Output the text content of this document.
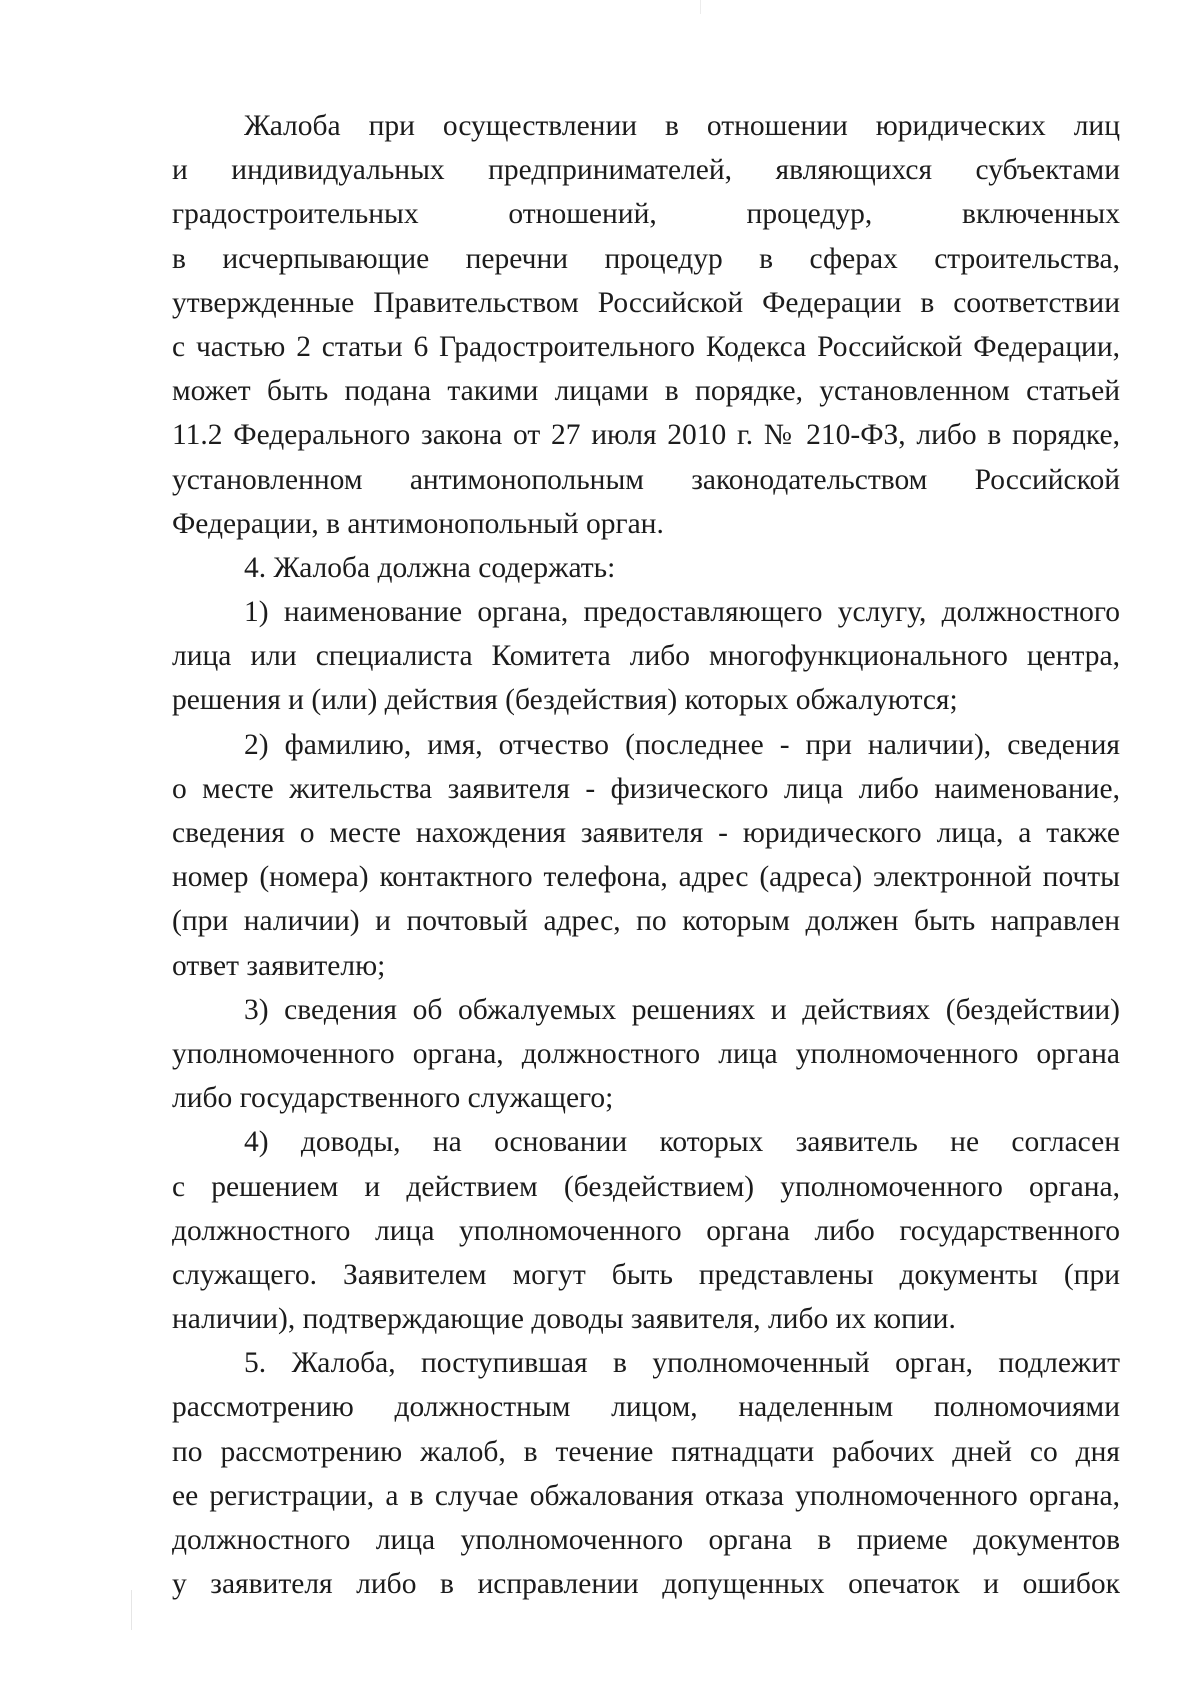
Жалоба при осуществлении в отношении юридических лиц
и индивидуальных предпринимателей, являющихся субъектами
градостроительных отношений, процедур, включенных
в исчерпывающие перечни процедур в сферах строительства,
утвержденные Правительством Российской Федерации в соответствии
с частью 2 статьи 6 Градостроительного Кодекса Российской Федерации,
может быть подана такими лицами в порядке, установленном статьей
11.2 Федерального закона от 27 июля 2010 г. № 210-ФЗ, либо в порядке,
установленном антимонопольным законодательством Российской
Федерации, в антимонопольный орган.

4. Жалоба должна содержать:

1) наименование органа, предоставляющего услугу, должностного
лица или специалиста Комитета либо многофункционального центра,
решения и (или) действия (бездействия) которых обжалуются;

2) фамилию, имя, отчество (последнее - при наличии), сведения
о месте жительства заявителя - физического лица либо наименование,
сведения о месте нахождения заявителя - юридического лица, а также
номер (номера) контактного телефона, адрес (адреса) электронной почты
(при наличии) и почтовый адрес, по которым должен быть направлен
ответ заявителю;

3) сведения об обжалуемых решениях и действиях (бездействии)
уполномоченного органа, должностного лица уполномоченного органа
либо государственного служащего;

4) доводы, на основании которых заявитель не согласен
с решением и действием (бездействием) уполномоченного органа,
должностного лица уполномоченного органа либо государственного
служащего. Заявителем могут быть представлены документы (при
наличии), подтверждающие доводы заявителя, либо их копии.

5. Жалоба, поступившая в уполномоченный орган, подлежит
рассмотрению должностным лицом, наделенным полномочиями
по рассмотрению жалоб, в течение пятнадцати рабочих дней со дня
ее регистрации, а в случае обжалования отказа уполномоченного органа,
должностного лица уполномоченного органа в приеме документов
у заявителя либо в исправлении допущенных опечаток и ошибок
